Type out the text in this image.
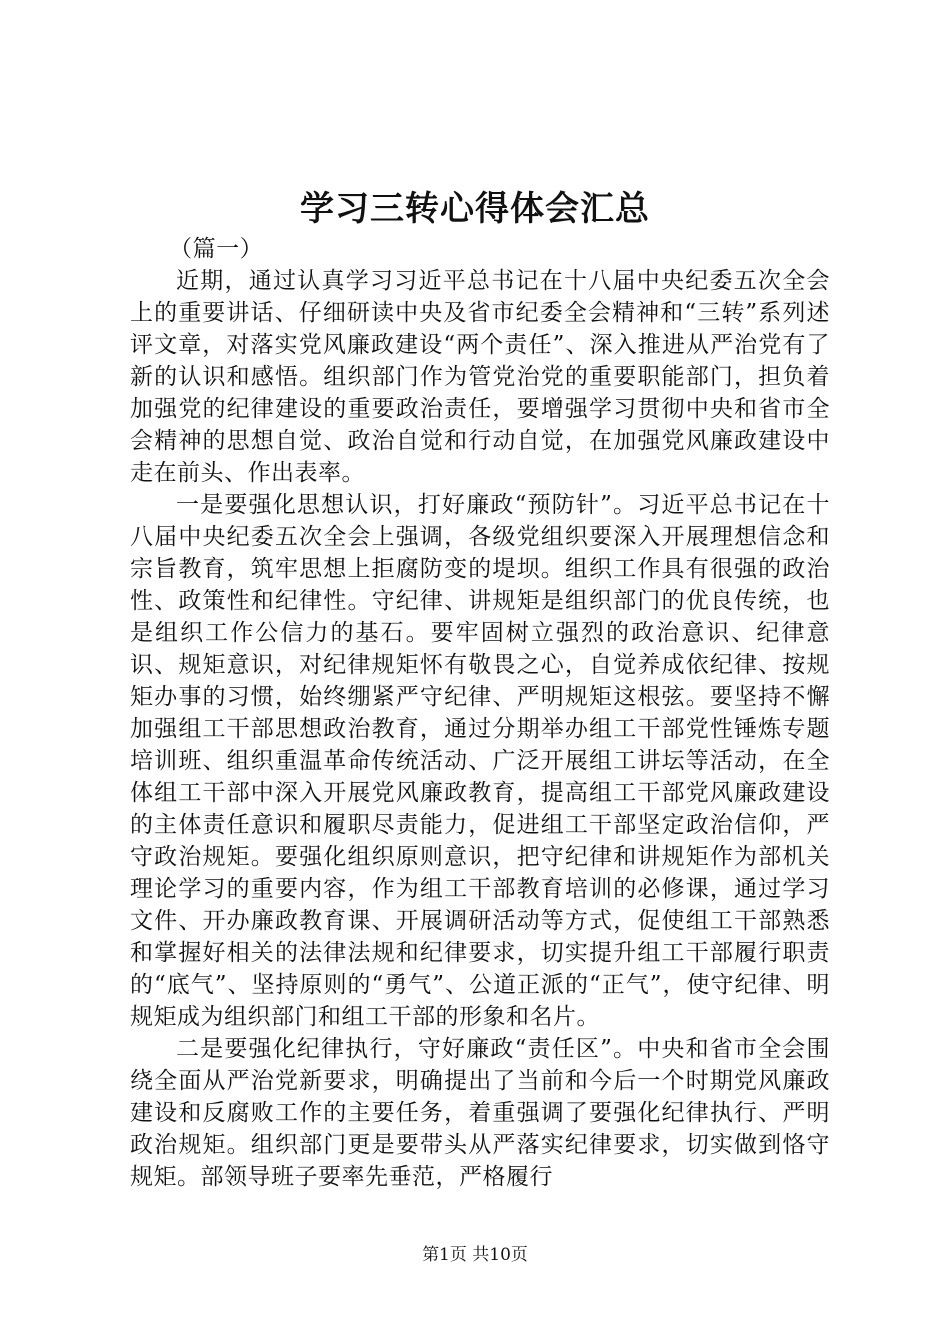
学习三转心得体会汇总

（篇一）

近期，通过认真学习习近平总书记在十八届中央纪委五次全会上的重要讲话、仔细研读中央及省市纪委全会精神和“三转”系列述评文章，对落实党风廉政建设“两个责任”、深入推进从严治党有了新的认识和感悟。组织部门作为管党治党的重要职能部门，担负着加强党的纪律建设的重要政治责任，要增强学习贯彻中央和省市全会精神的思想自觉、政治自觉和行动自觉，在加强党风廉政建设中走在前头、作出表率。

一是要强化思想认识，打好廉政“预防针”。习近平总书记在十八届中央纪委五次全会上强调，各级党组织要深入开展理想信念和宗旨教育，筑牢思想上拒腐防变的堤坝。组织工作具有很强的政治性、政策性和纪律性。守纪律、讲规矩是组织部门的优良传统，也是组织工作公信力的基石。要牢固树立强烈的政治意识、纪律意识、规矩意识，对纪律规矩怀有敬畏之心，自觉养成依纪律、按规矩办事的习惯，始终绷紧严守纪律、严明规矩这根弦。要坚持不懈加强组工干部思想政治教育，通过分期举办组工干部党性锤炼专题培训班、组织重温革命传统活动、广泛开展组工讲坛等活动，在全体组工干部中深入开展党风廉政教育，提高组工干部党风廉政建设的主体责任意识和履职尽责能力，促进组工干部坚定政治信仰，严守政治规矩。要强化组织原则意识，把守纪律和讲规矩作为部机关理论学习的重要内容，作为组工干部教育培训的必修课，通过学习文件、开办廉政教育课、开展调研活动等方式，促使组工干部熟悉和掌握好相关的法律法规和纪律要求，切实提升组工干部履行职责的“底气”、坚持原则的“勇气”、公道正派的“正气”，使守纪律、明规矩成为组织部门和组工干部的形象和名片。

二是要强化纪律执行，守好廉政“责任区”。中央和省市全会围绕全面从严治党新要求，明确提出了当前和今后一个时期党风廉政建设和反腐败工作的主要任务，着重强调了要强化纪律执行、严明政治规矩。组织部门更是要带头从严落实纪律要求，切实做到恪守规矩。部领导班子要率先垂范，严格履行

第1页 共10页
